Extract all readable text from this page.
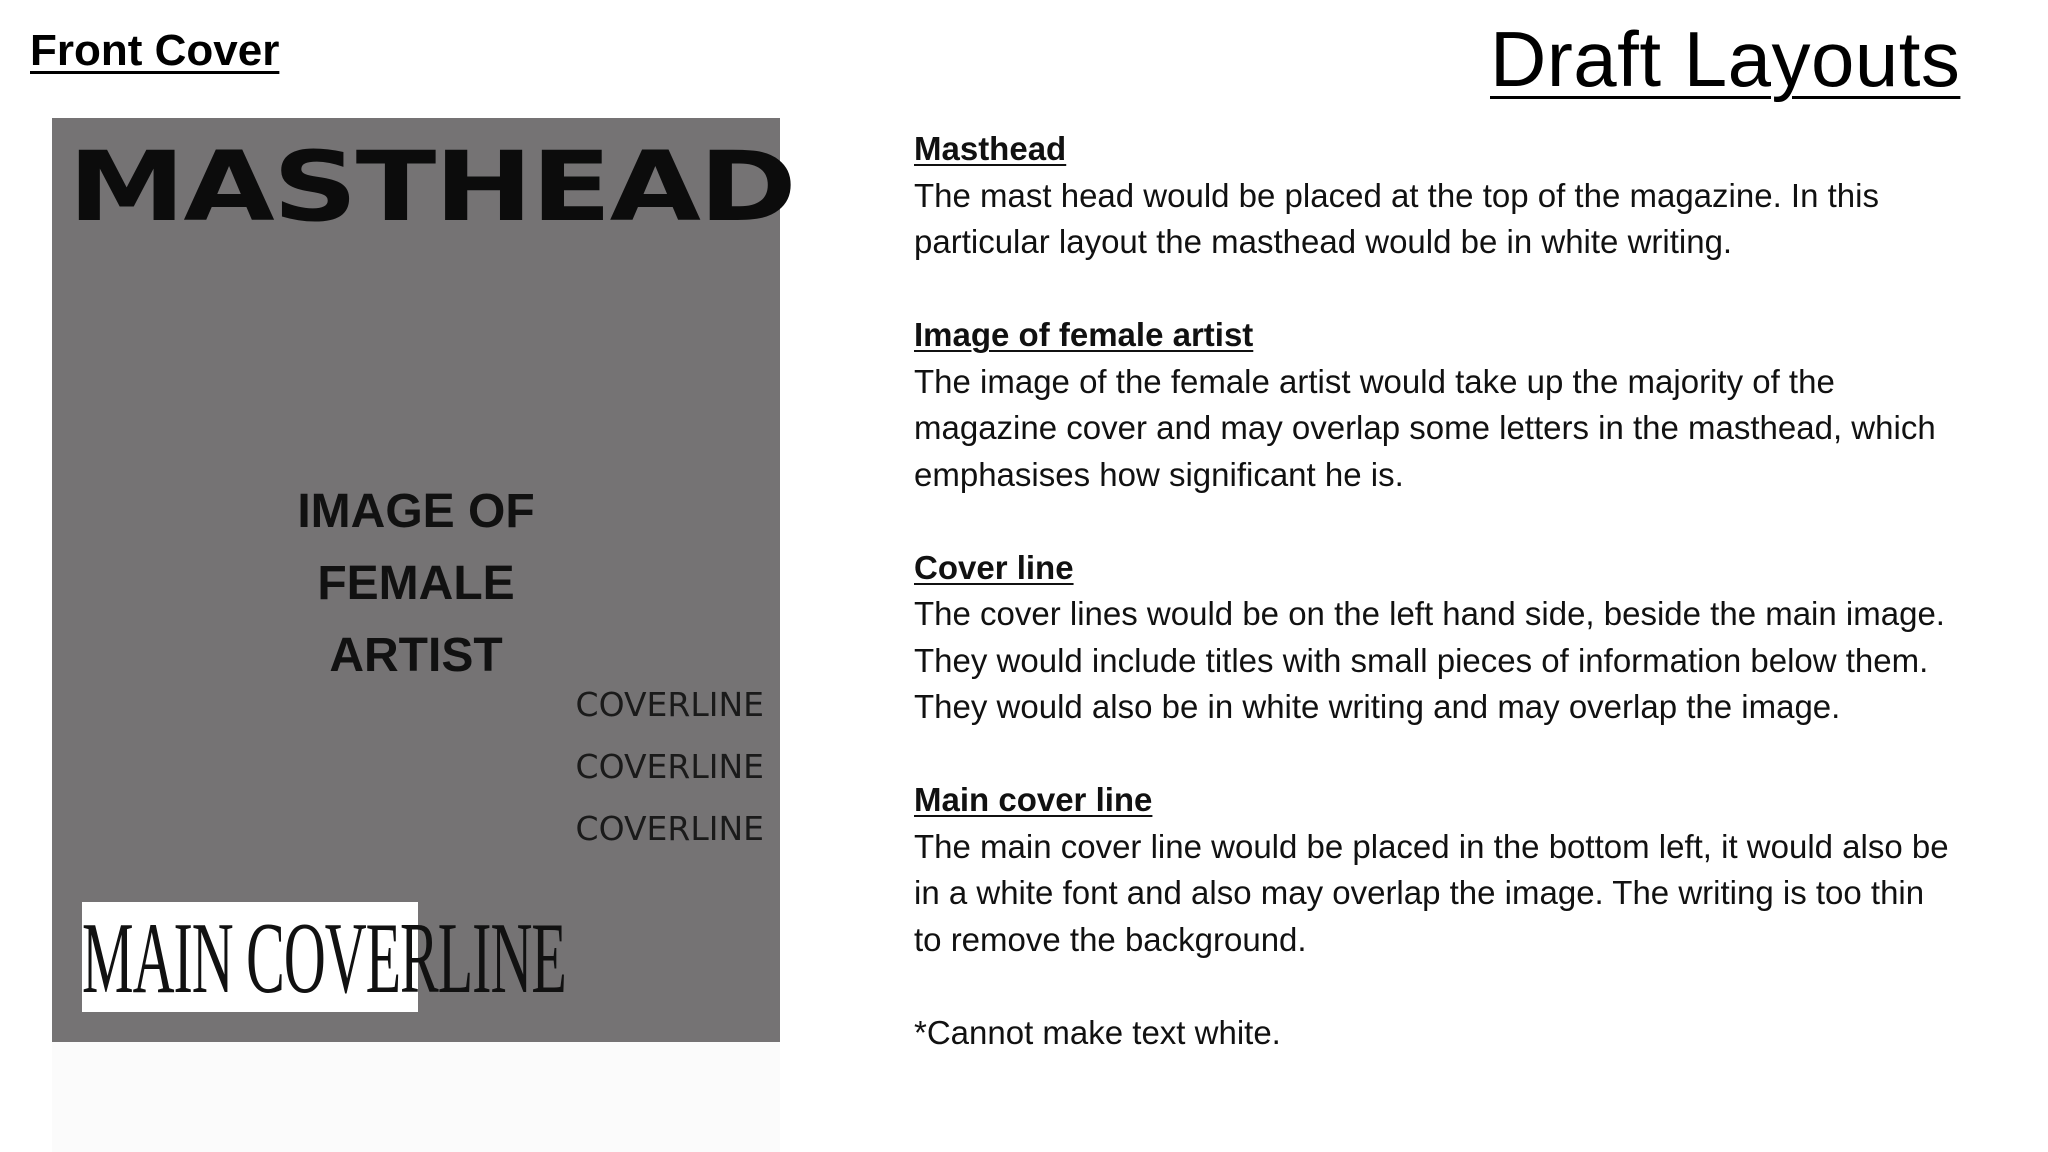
Front Cover	Draft Layouts
MASTHEAD
IMAGE OF
FEMALE
ARTIST
COVERLINE
COVERLINE
COVERLINE
MAIN COVERLINE
Masthead
The mast head would be placed at the top of the magazine. In this particular layout the masthead would be in white writing.
Image of female artist
The image of the female artist would take up the majority of the magazine cover and may overlap some letters in the masthead, which emphasises how significant he is.
Cover line
The cover lines would be on the left hand side, beside the main image. They would include titles with small pieces of information below them. They would also be in white writing and may overlap the image.
Main cover line
The main cover line would be placed in the bottom left, it would also be in a white font and also may overlap the image. The writing is too thin to remove the background.

*Cannot make text white.
